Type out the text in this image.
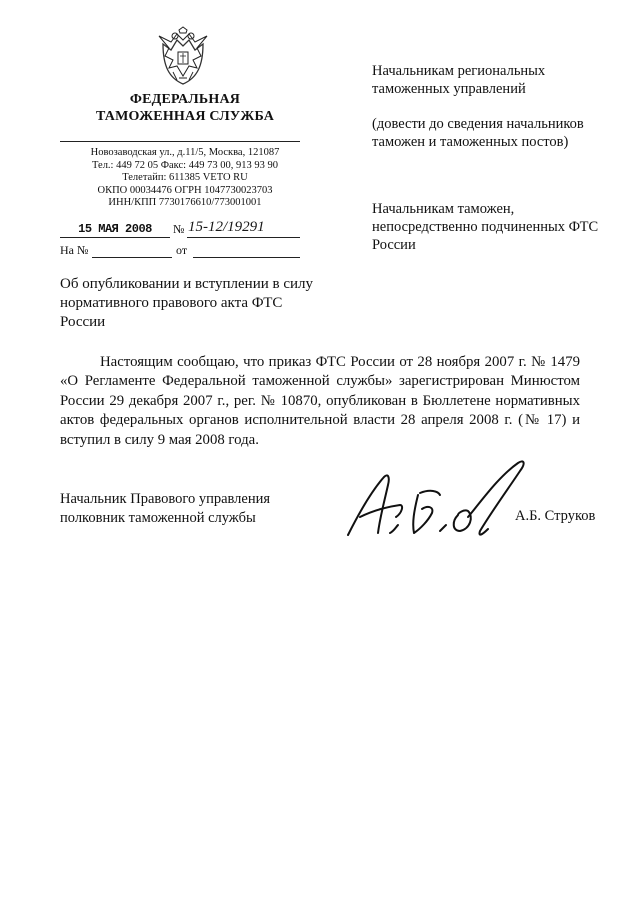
ФЕДЕРАЛЬНАЯ
ТАМОЖЕННАЯ СЛУЖБА
Новозаводская ул., д.11/5, Москва, 121087
Тел.: 449 72 05 Факс: 449 73 00, 913 93 90
Телетайп: 611385 VETO RU
ОКПО 00034476 ОГРН 1047730023703
ИНН/КПП 7730176610/773001001
15 МАЯ 2008	№ 15-12/19291
На №	от
Об опубликовании и вступлении в силу нормативного правового акта ФТС России
Начальникам региональных таможенных управлений
(довести до сведения начальников таможен и таможенных постов)
Начальникам таможен, непосредственно подчиненных ФТС России
Настоящим сообщаю, что приказ ФТС России от 28 ноября 2007 г. № 1479 «О Регламенте Федеральной таможенной службы» зарегистрирован Минюстом России 29 декабря 2007 г., рег. № 10870, опубликован в Бюллетене нормативных актов федеральных органов исполнительной власти 28 апреля 2008 г. (№ 17) и вступил в силу 9 мая 2008 года.
Начальник Правового управления
полковник таможенной службы	А.Б. Струков
